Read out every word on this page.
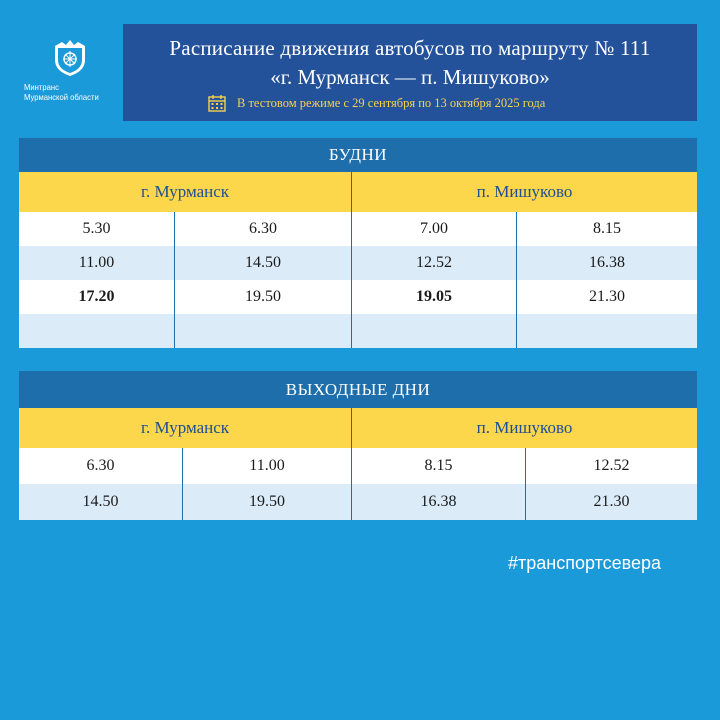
Минтранс
Мурманской области
Расписание движения автобусов по маршруту № 111
«г. Мурманск — п. Мишуково»
В тестовом режиме с 29 сентября по 13 октября 2025 года
БУДНИ
г. Мурманск	п. Мишуково
5.30	6.30	7.00	8.15
11.00	14.50	12.52	16.38
17.20	19.50	19.05	21.30
ВЫХОДНЫЕ ДНИ
г. Мурманск	п. Мишуково
6.30	11.00	8.15	12.52
14.50	19.50	16.38	21.30
#транспортсевера
